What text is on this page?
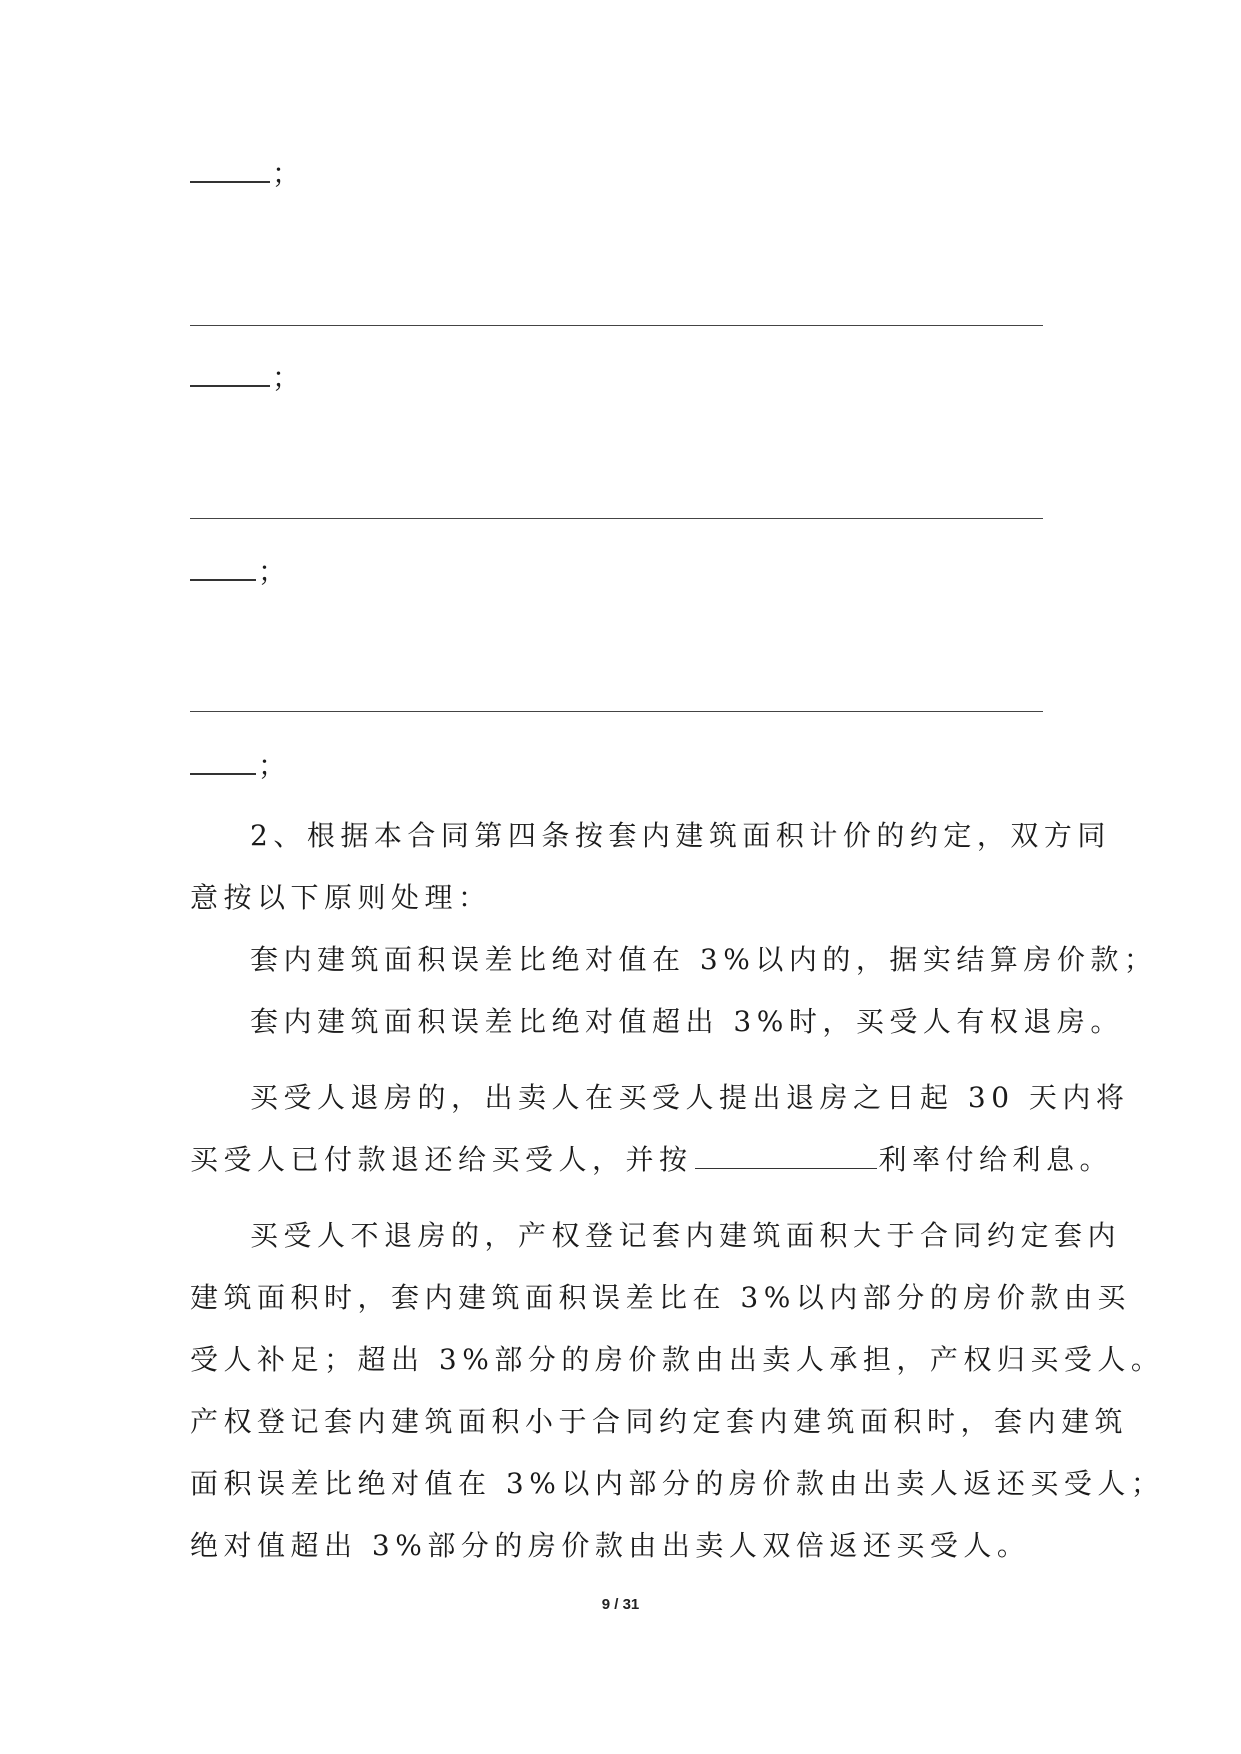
；
；
；
；
2、根据本合同第四条按套内建筑面积计价的约定，双方同
意按以下原则处理：
套内建筑面积误差比绝对值在 3%以内的，据实结算房价款；
套内建筑面积误差比绝对值超出 3%时，买受人有权退房。
买受人退房的，出卖人在买受人提出退房之日起 30 天内将
买受人已付款退还给买受人，并按	利率付给利息。
买受人不退房的，产权登记套内建筑面积大于合同约定套内
建筑面积时，套内建筑面积误差比在 3%以内部分的房价款由买
受人补足；超出 3%部分的房价款由出卖人承担，产权归买受人。
产权登记套内建筑面积小于合同约定套内建筑面积时，套内建筑
面积误差比绝对值在 3%以内部分的房价款由出卖人返还买受人；
绝对值超出 3%部分的房价款由出卖人双倍返还买受人。
9 / 31
